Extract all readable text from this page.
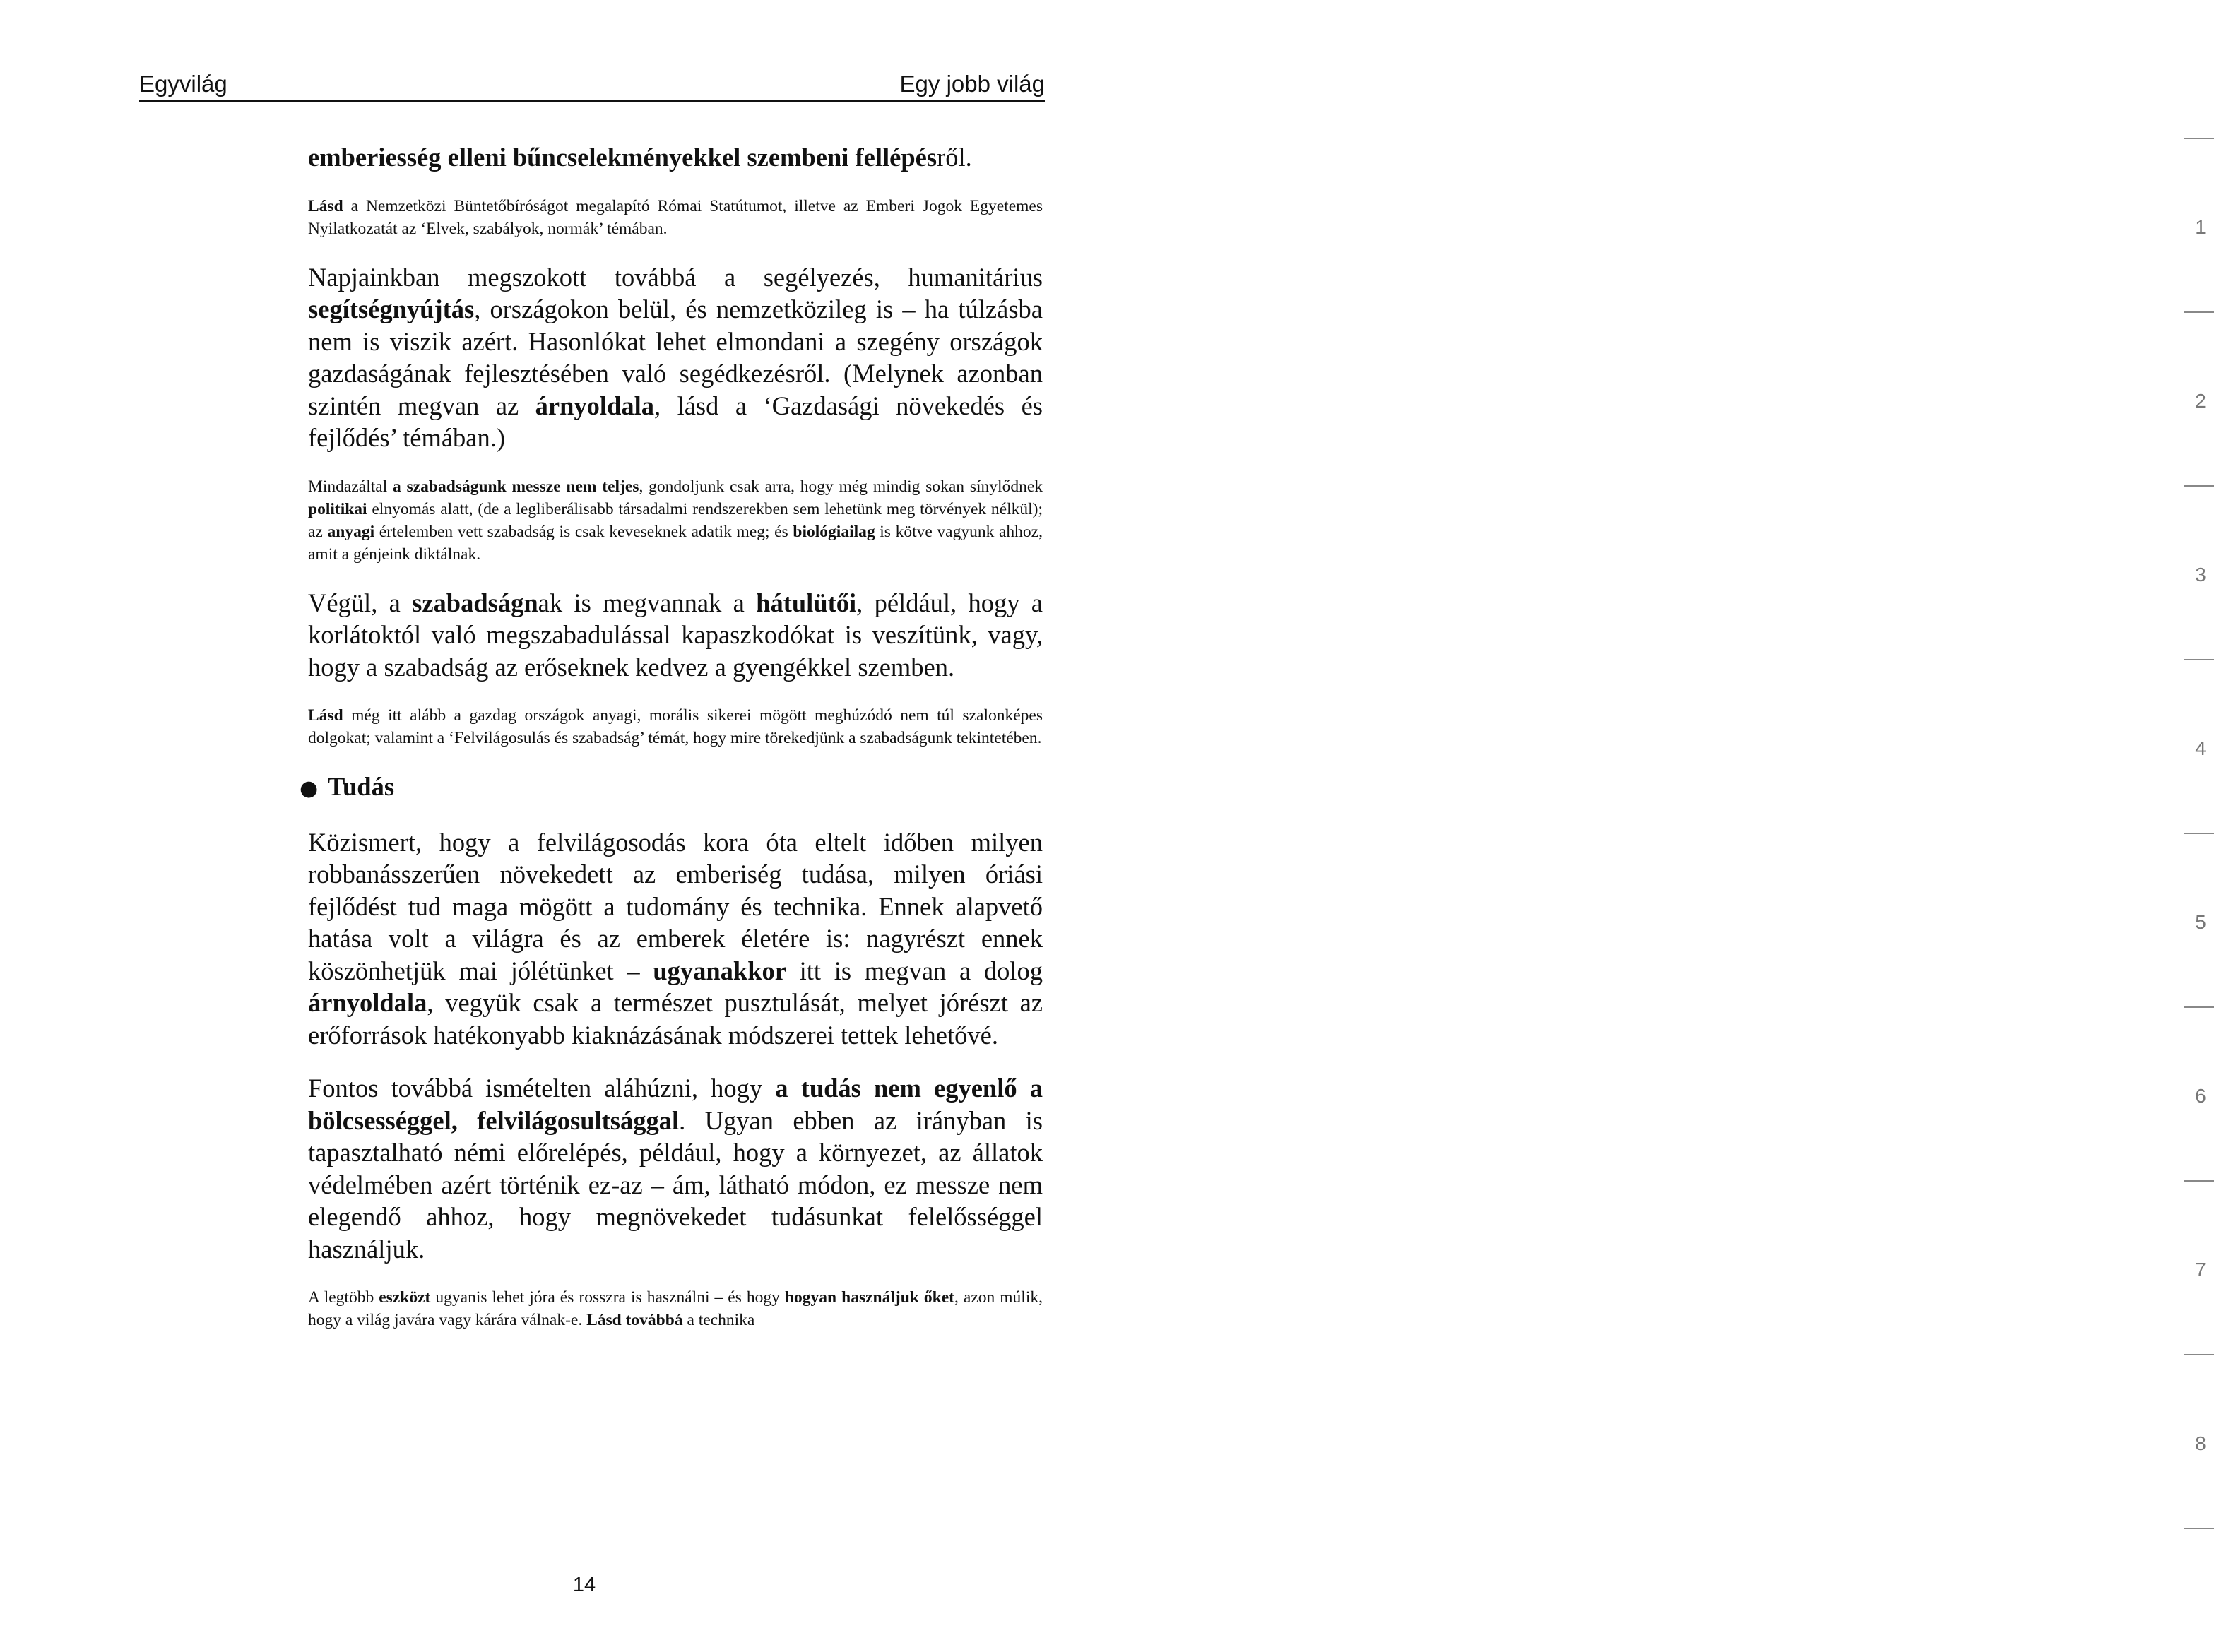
Egyvilág	Egy jobb világ

emberiesség elleni bűncselekményekkel szembeni fellépésről.

Lásd a Nemzetközi Büntetőbíróságot megalapító Római Statútumot, illetve az Emberi Jogok Egyetemes Nyilatkozatát az ‘Elvek, szabályok, normák’ témában.

Napjainkban megszokott továbbá a segélyezés, humanitárius segítségnyújtás, országokon belül, és nemzetközileg is – ha túlzásba nem is viszik azért. Hasonlókat lehet elmondani a szegény országok gazdaságának fejlesztésében való segédkezésről. (Melynek azonban szintén megvan az árnyoldala, lásd a ‘Gazdasági növekedés és fejlődés’ témában.)

Mindazáltal a szabadságunk messze nem teljes, gondoljunk csak arra, hogy még mindig sokan sínylődnek politikai elnyomás alatt, (de a legliberálisabb társadalmi rendszerekben sem lehetünk meg törvények nélkül); az anyagi értelemben vett szabadság is csak keveseknek adatik meg; és biológiailag is kötve vagyunk ahhoz, amit a génjeink diktálnak.

Végül, a szabadságnak is megvannak a hátulütői, például, hogy a korlátoktól való megszabadulással kapaszkodókat is veszítünk, vagy, hogy a szabadság az erőseknek kedvez a gyengékkel szemben.

Lásd még itt alább a gazdag országok anyagi, morális sikerei mögött meghúzódó nem túl szalonképes dolgokat; valamint a ‘Felvilágosulás és szabadság’ témát, hogy mire törekedjünk a szabadságunk tekintetében.

● Tudás

Közismert, hogy a felvilágosodás kora óta eltelt időben milyen robbanásszerűen növekedett az emberiség tudása, milyen óriási fejlődést tud maga mögött a tudomány és technika. Ennek alapvető hatása volt a világra és az emberek életére is: nagyrészt ennek köszönhetjük mai jólétünket – ugyanakkor itt is megvan a dolog árnyoldala, vegyük csak a természet pusztulását, melyet jórészt az erőforrások hatékonyabb kiaknázásának módszerei tettek lehetővé.

Fontos továbbá ismételten aláhúzni, hogy a tudás nem egyenlő a bölcsességgel, felvilágosultsággal. Ugyan ebben az irányban is tapasztalható némi előrelépés, például, hogy a környezet, az állatok védelmében azért történik ez-az – ám, látható módon, ez messze nem elegendő ahhoz, hogy megnövekedet tudásunkat felelősséggel használjuk.

A legtöbb eszközt ugyanis lehet jóra és rosszra is használni – és hogy hogyan használjuk őket, azon múlik, hogy a világ javára vagy kárára válnak-e. Lásd továbbá a technika

1
2
3
4
5
6
7
8
14
